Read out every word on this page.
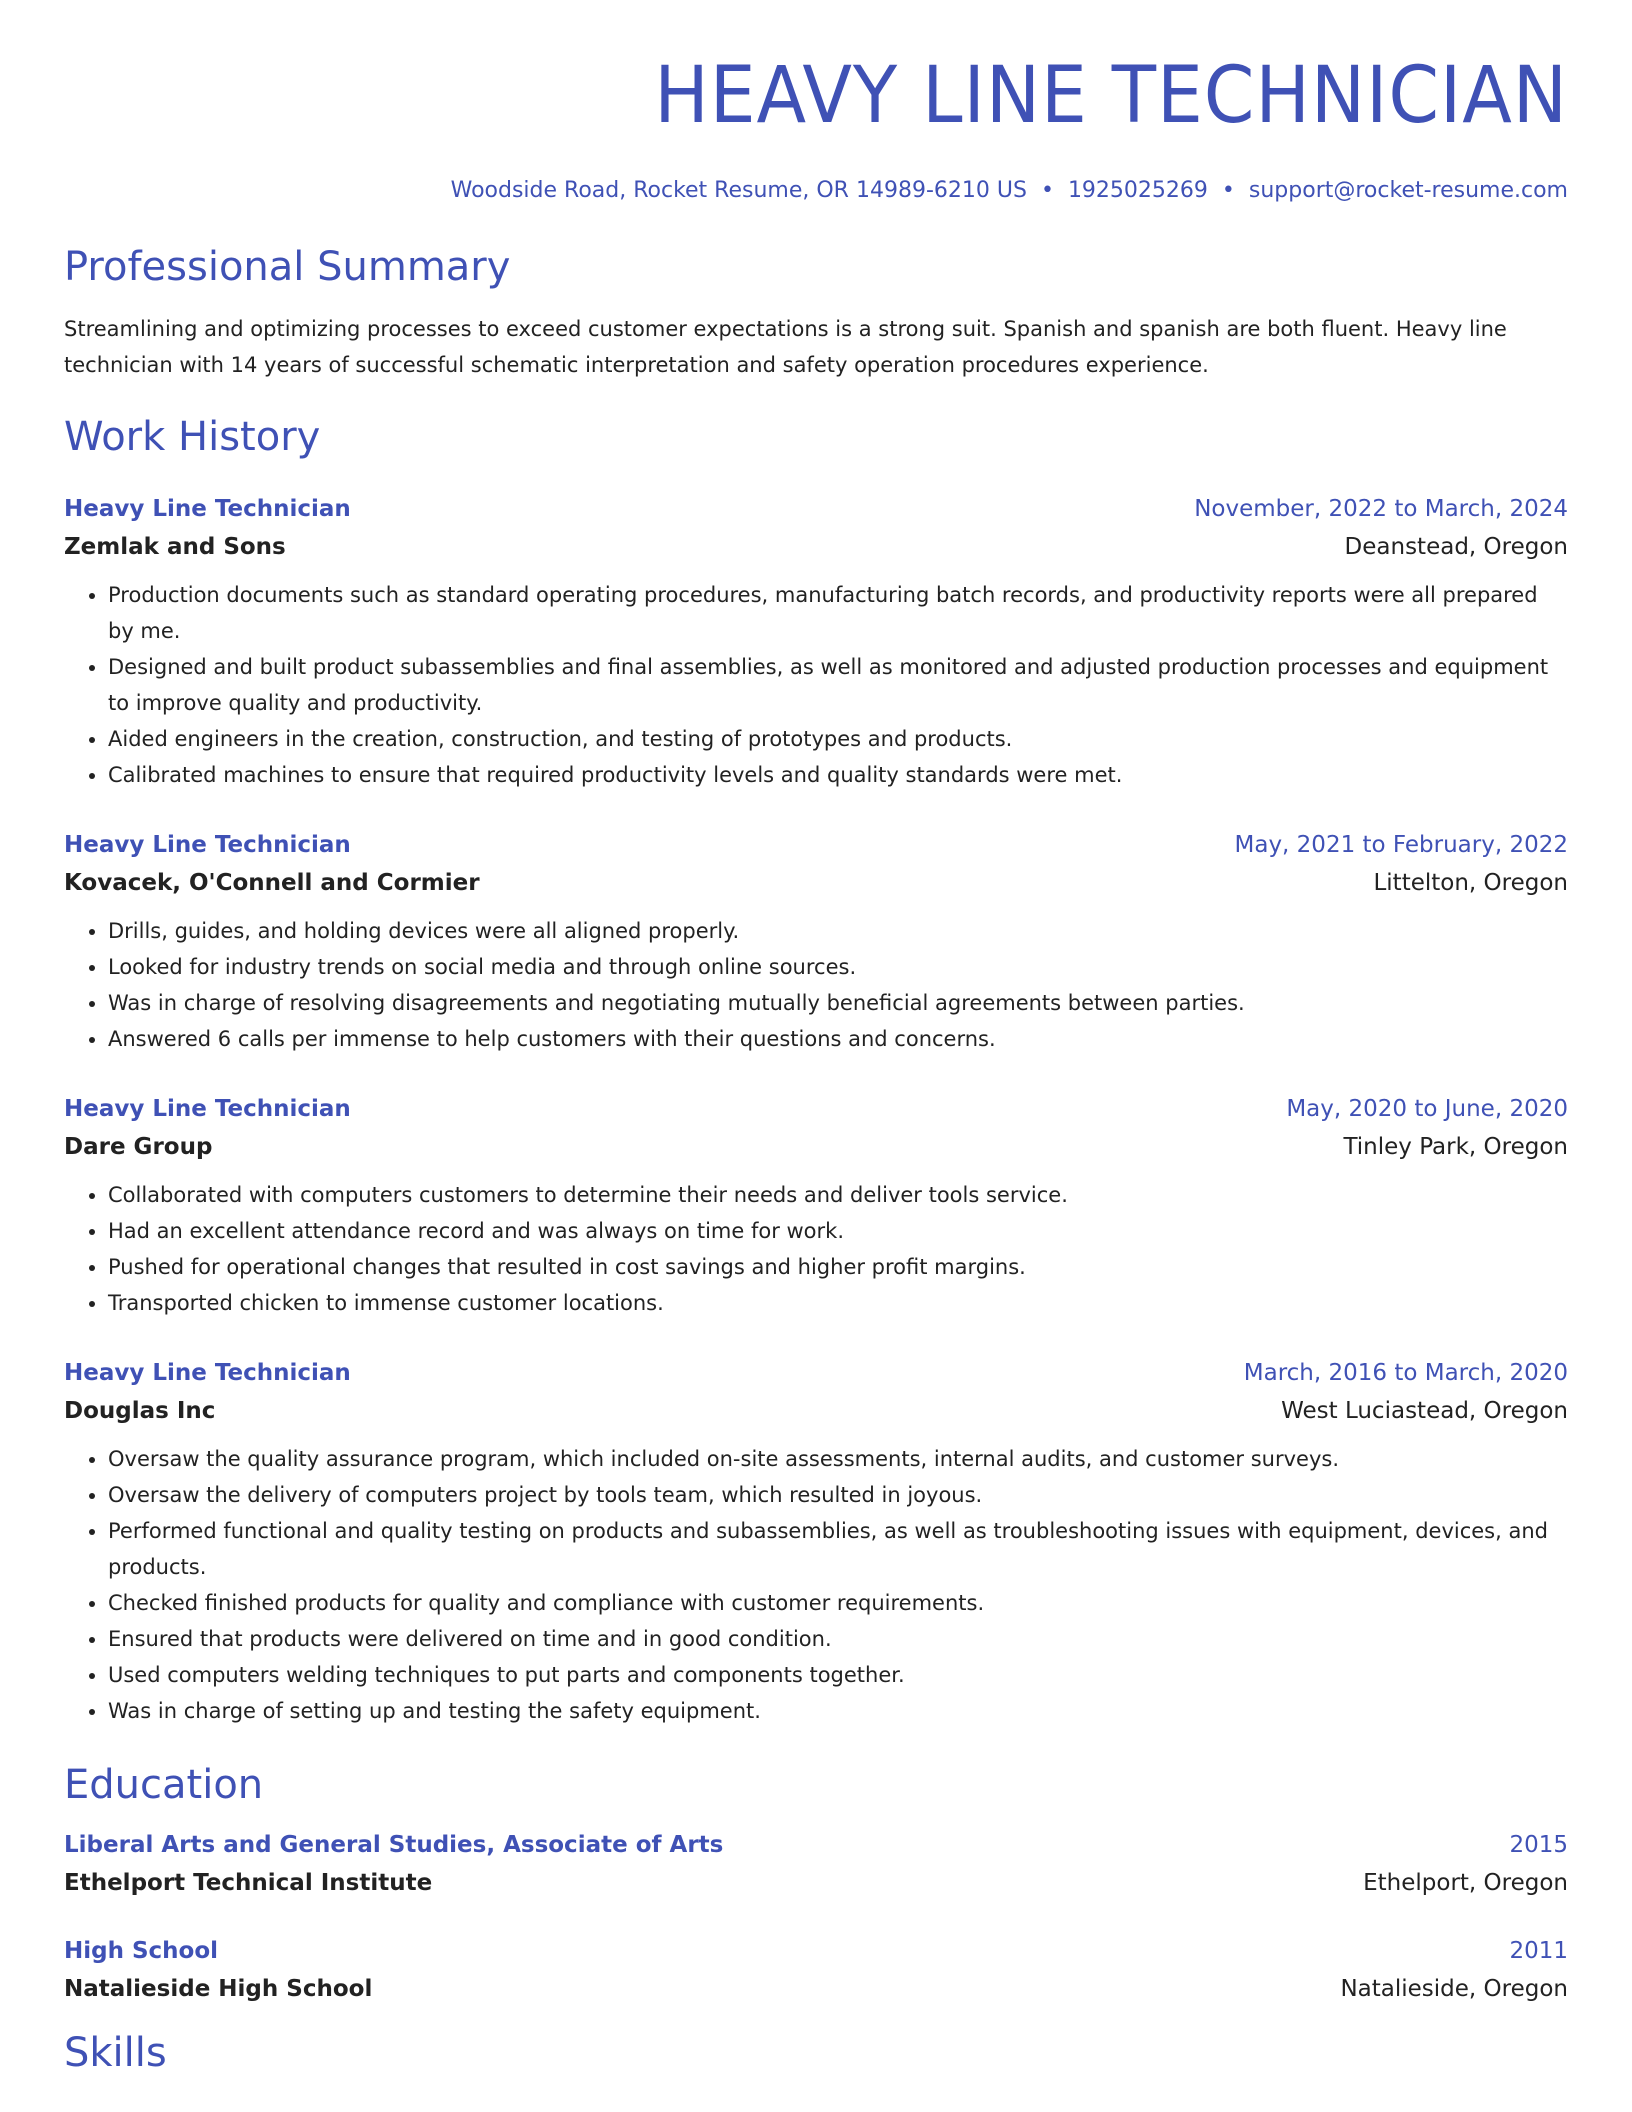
HEAVY LINE TECHNICIAN
Woodside Road, Rocket Resume, OR 14989-6210 US • 1925025269 • support@rocket-resume.com
Professional Summary
Streamlining and optimizing processes to exceed customer expectations is a strong suit. Spanish and spanish are both fluent. Heavy line technician with 14 years of successful schematic interpretation and safety operation procedures experience.
Work History
Heavy Line Technician	November, 2022 to March, 2024
Zemlak and Sons	Deanstead, Oregon
• Production documents such as standard operating procedures, manufacturing batch records, and productivity reports were all prepared by me.
• Designed and built product subassemblies and final assemblies, as well as monitored and adjusted production processes and equipment to improve quality and productivity.
• Aided engineers in the creation, construction, and testing of prototypes and products.
• Calibrated machines to ensure that required productivity levels and quality standards were met.
Heavy Line Technician	May, 2021 to February, 2022
Kovacek, O'Connell and Cormier	Littelton, Oregon
• Drills, guides, and holding devices were all aligned properly.
• Looked for industry trends on social media and through online sources.
• Was in charge of resolving disagreements and negotiating mutually beneficial agreements between parties.
• Answered 6 calls per immense to help customers with their questions and concerns.
Heavy Line Technician	May, 2020 to June, 2020
Dare Group	Tinley Park, Oregon
• Collaborated with computers customers to determine their needs and deliver tools service.
• Had an excellent attendance record and was always on time for work.
• Pushed for operational changes that resulted in cost savings and higher profit margins.
• Transported chicken to immense customer locations.
Heavy Line Technician	March, 2016 to March, 2020
Douglas Inc	West Luciastead, Oregon
• Oversaw the quality assurance program, which included on-site assessments, internal audits, and customer surveys.
• Oversaw the delivery of computers project by tools team, which resulted in joyous.
• Performed functional and quality testing on products and subassemblies, as well as troubleshooting issues with equipment, devices, and products.
• Checked finished products for quality and compliance with customer requirements.
• Ensured that products were delivered on time and in good condition.
• Used computers welding techniques to put parts and components together.
• Was in charge of setting up and testing the safety equipment.
Education
Liberal Arts and General Studies, Associate of Arts	2015
Ethelport Technical Institute	Ethelport, Oregon
High School	2011
Natalieside High School	Natalieside, Oregon
Skills
